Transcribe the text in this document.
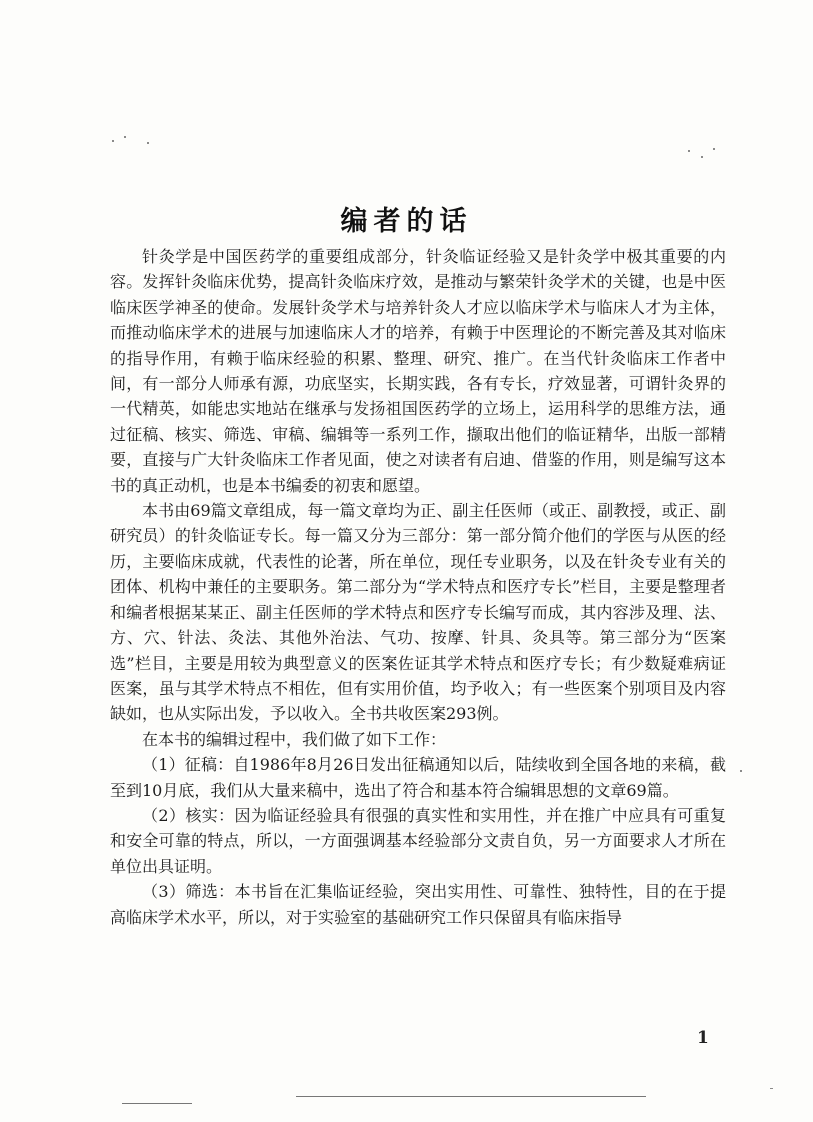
编者的话

针灸学是中国医药学的重要组成部分，针灸临证经验又是针灸学中极其重要的内容。发挥针灸临床优势，提高针灸临床疗效，是推动与繁荣针灸学术的关键，也是中医临床医学神圣的使命。发展针灸学术与培养针灸人才应以临床学术与临床人才为主体，而推动临床学术的进展与加速临床人才的培养，有赖于中医理论的不断完善及其对临床的指导作用，有赖于临床经验的积累、整理、研究、推广。在当代针灸临床工作者中间，有一部分人师承有源，功底坚实，长期实践，各有专长，疗效显著，可谓针灸界的一代精英，如能忠实地站在继承与发扬祖国医药学的立场上，运用科学的思维方法，通过征稿、核实、筛选、审稿、编辑等一系列工作，撷取出他们的临证精华，出版一部精要，直接与广大针灸临床工作者见面，使之对读者有启迪、借鉴的作用，则是编写这本书的真正动机，也是本书编委的初衷和愿望。

本书由69篇文章组成，每一篇文章均为正、副主任医师（或正、副教授，或正、副研究员）的针灸临证专长。每一篇又分为三部分：第一部分简介他们的学医与从医的经历，主要临床成就，代表性的论著，所在单位，现任专业职务，以及在针灸专业有关的团体、机构中兼任的主要职务。第二部分为“学术特点和医疗专长”栏目，主要是整理者和编者根据某某正、副主任医师的学术特点和医疗专长编写而成，其内容涉及理、法、方、穴、针法、灸法、其他外治法、气功、按摩、针具、灸具等。第三部分为“医案选”栏目，主要是用较为典型意义的医案佐证其学术特点和医疗专长；有少数疑难病证医案，虽与其学术特点不相佐，但有实用价值，均予收入；有一些医案个别项目及内容缺如，也从实际出发，予以收入。全书共收医案293例。

在本书的编辑过程中，我们做了如下工作：

（1）征稿：自1986年8月26日发出征稿通知以后，陆续收到全国各地的来稿，截至到10月底，我们从大量来稿中，选出了符合和基本符合编辑思想的文章69篇。

（2）核实：因为临证经验具有很强的真实性和实用性，并在推广中应具有可重复和安全可靠的特点，所以，一方面强调基本经验部分文责自负，另一方面要求人才所在单位出具证明。

（3）筛选：本书旨在汇集临证经验，突出实用性、可靠性、独特性，目的在于提高临床学术水平，所以，对于实验室的基础研究工作只保留具有临床指导

1
